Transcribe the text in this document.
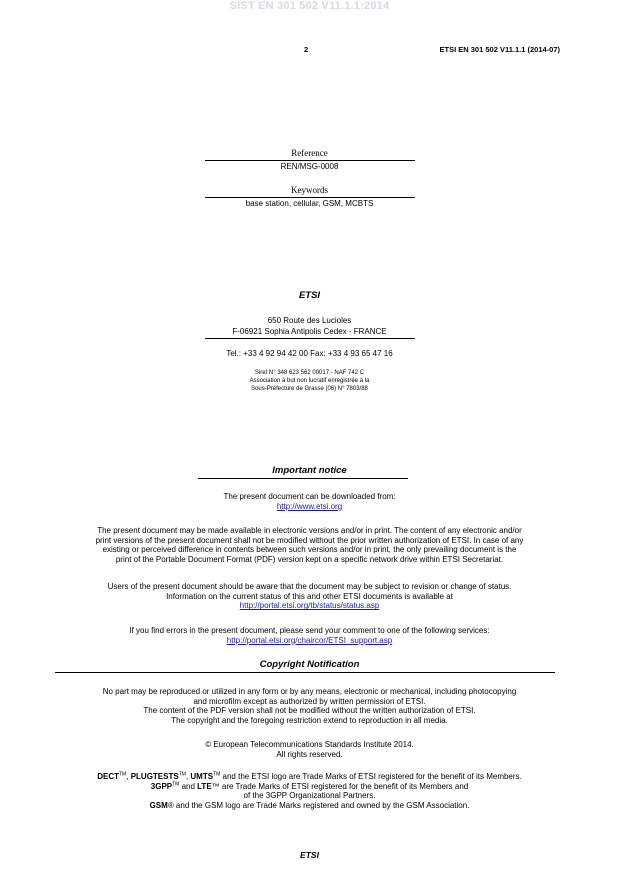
SIST EN 301 502 V11.1.1:2014
2	ETSI EN 301 502 V11.1.1 (2014-07)
Reference
REN/MSG-0008
Keywords
base station, cellular, GSM, MCBTS
ETSI
650 Route des Lucioles
F-06921 Sophia Antipolis Cedex - FRANCE
Tel.: +33 4 92 94 42 00 Fax: +33 4 93 65 47 16
Siret N° 348 623 562 00017 - NAF 742 C
Association à but non lucratif enregistrée à la
Sous-Préfecture de Grasse (06) N° 7803/88
Important notice
The present document can be downloaded from:
http://www.etsi.org
The present document may be made available in electronic versions and/or in print. The content of any electronic and/or
print versions of the present document shall not be modified without the prior written authorization of ETSI. In case of any
existing or perceived difference in contents between such versions and/or in print, the only prevailing document is the
print of the Portable Document Format (PDF) version kept on a specific network drive within ETSI Secretariat.
Users of the present document should be aware that the document may be subject to revision or change of status.
Information on the current status of this and other ETSI documents is available at
http://portal.etsi.org/tb/status/status.asp
If you find errors in the present document, please send your comment to one of the following services:
http://portal.etsi.org/chaircor/ETSI_support.asp
Copyright Notification
No part may be reproduced or utilized in any form or by any means, electronic or mechanical, including photocopying
and microfilm except as authorized by written permission of ETSI.
The content of the PDF version shall not be modified without the written authorization of ETSI.
The copyright and the foregoing restriction extend to reproduction in all media.
© European Telecommunications Standards Institute 2014.
All rights reserved.
DECT™, PLUGTESTS™, UMTS™ and the ETSI logo are Trade Marks of ETSI registered for the benefit of its Members.
3GPP™ and LTE™ are Trade Marks of ETSI registered for the benefit of its Members and
of the 3GPP Organizational Partners.
GSM® and the GSM logo are Trade Marks registered and owned by the GSM Association.
ETSI
